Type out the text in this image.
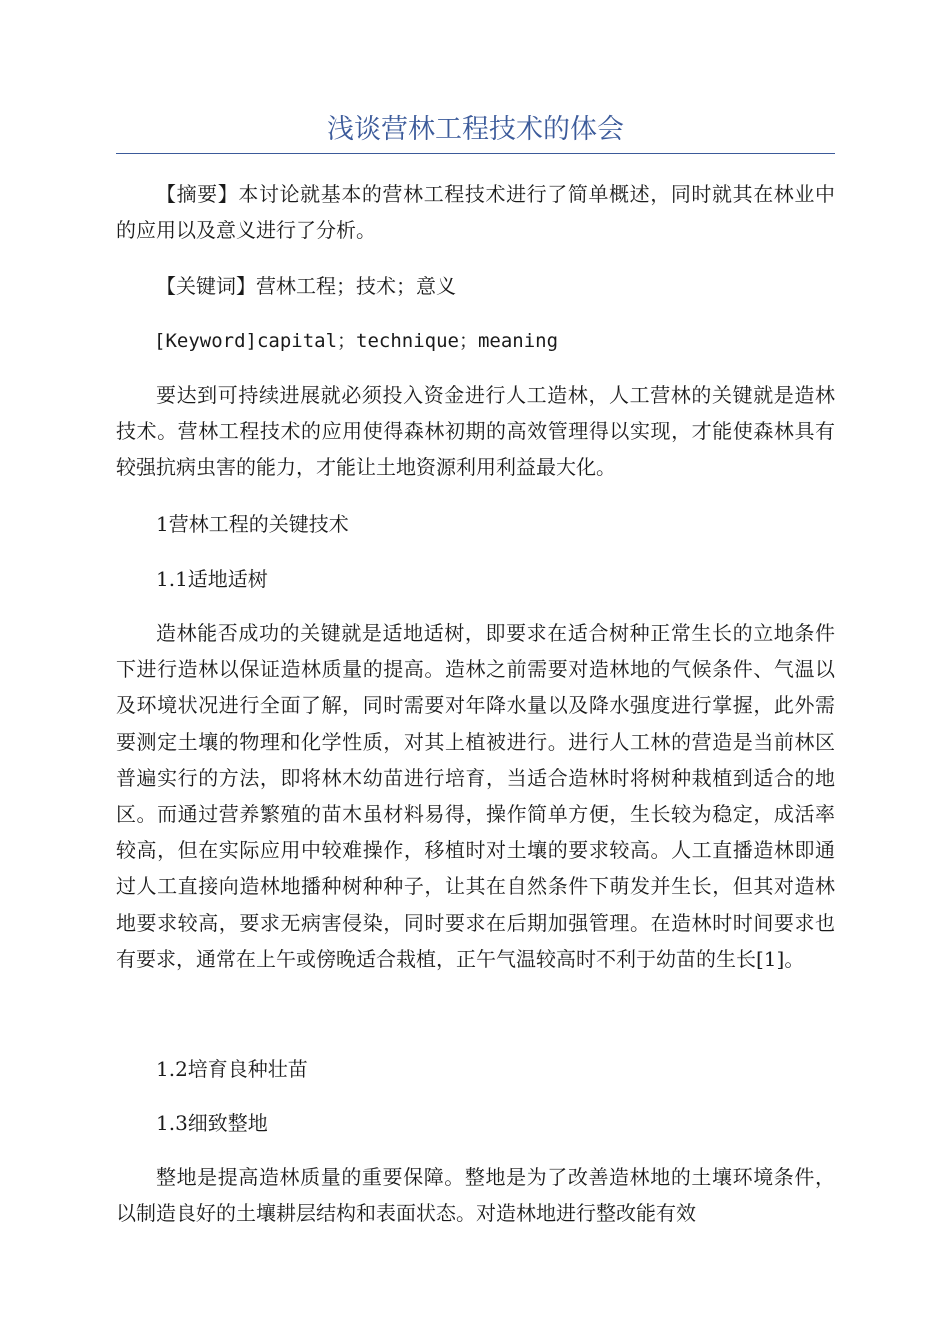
浅谈营林工程技术的体会

【摘要】本讨论就基本的营林工程技术进行了简单概述，同时就其在林业中的应用以及意义进行了分析。

【关键词】营林工程；技术；意义

[Keyword]capital；technique；meaning

要达到可持续进展就必须投入资金进行人工造林，人工营林的关键就是造林技术。营林工程技术的应用使得森林初期的高效管理得以实现，才能使森林具有较强抗病虫害的能力，才能让土地资源利用利益最大化。

1营林工程的关键技术

1.1适地适树

造林能否成功的关键就是适地适树，即要求在适合树种正常生长的立地条件下进行造林以保证造林质量的提高。造林之前需要对造林地的气候条件、气温以及环境状况进行全面了解，同时需要对年降水量以及降水强度进行掌握，此外需要测定土壤的物理和化学性质，对其上植被进行。进行人工林的营造是当前林区普遍实行的方法，即将林木幼苗进行培育，当适合造林时将树种栽植到适合的地区。而通过营养繁殖的苗木虽材料易得，操作简单方便，生长较为稳定，成活率较高，但在实际应用中较难操作，移植时对土壤的要求较高。人工直播造林即通过人工直接向造林地播种树种种子，让其在自然条件下萌发并生长，但其对造林地要求较高，要求无病害侵染，同时要求在后期加强管理。在造林时时间要求也有要求，通常在上午或傍晚适合栽植，正午气温较高时不利于幼苗的生长[1]。

1.2培育良种壮苗

1.3细致整地

整地是提高造林质量的重要保障。整地是为了改善造林地的土壤环境条件，以制造良好的土壤耕层结构和表面状态。对造林地进行整改能有效
